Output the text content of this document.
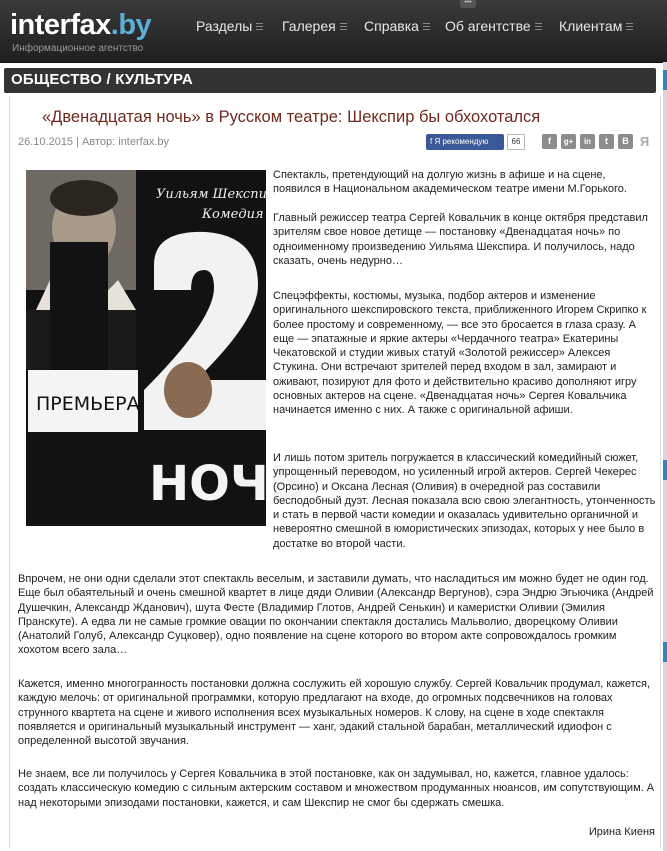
interfax.by
Информационное агентство
•••
Разделы	Галерея	Справка	Об агентстве	Клиентам
ОБЩЕСТВО / КУЛЬТУРА
«Двенадцатая ночь» в Русском театре: Шекспир бы обхохотался
26.10.2015 | Автор: interfax.by	f Я рекомендую	66	f	g+	in	t	В Я
ПРЕМЬЕРА
Уильям Шекспир
Комедия
НОЧЬ
12
Спектакль, претендующий на долгую жизнь в афише и на сцене, появился в Национальном академическом театре имени М.Горького.
Главный режиссер театра Сергей Ковальчик в конце октября представил зрителям свое новое детище — постановку «Двенадцатая ночь» по одноименному произведению Уильяма Шекспира. И получилось, надо сказать, очень недурно…
Спецэффекты, костюмы, музыка, подбор актеров и изменение оригинального шекспировского текста, приближенного Игорем Скрипко к более простому и современному, — все это бросается в глаза сразу. А еще — эпатажные и яркие актеры «Чердачного театра» Екатерины Чекатовской и студии живых статуй «Золотой режиссер» Алексея Стукина. Они встречают зрителей перед входом в зал, замирают и оживают, позируют для фото и действительно красиво дополняют игру основных актеров на сцене. «Двенадцатая ночь» Сергея Ковальчика начинается именно с них. А также с оригинальной афиши.
И лишь потом зритель погружается в классический комедийный сюжет, упрощенный переводом, но усиленный игрой актеров. Сергей Чекерес (Орсино) и Оксана Лесная (Оливия) в очередной раз составили бесподобный дуэт. Лесная показала всю свою элегантность, утонченность и стать в первой части комедии и оказалась удивительно органичной и невероятно смешной в юмористических эпизодах, которых у нее было в достатке во второй части.
Впрочем, не они одни сделали этот спектакль веселым, и заставили думать, что насладиться им можно будет не один год. Еще был обаятельный и очень смешной квартет в лице дяди Оливии (Александр Вергунов), сэра Эндрю Эгьючика (Андрей Душечкин, Александр Жданович), шута Фесте (Владимир Глотов, Андрей Сенькин) и камеристки Оливии (Эмилия Пранскуте). А едва ли не самые громкие овации по окончании спектакля достались Мальволио, дворецкому Оливии (Анатолий Голуб, Александр Суцковер), одно появление на сцене которого во втором акте сопровождалось громким хохотом всего зала…
Кажется, именно многогранность постановки должна сослужить ей хорошую службу. Сергей Ковальчик продумал, кажется, каждую мелочь: от оригинальной программки, которую предлагают на входе, до огромных подсвечников на головах струнного квартета на сцене и живого исполнения всех музыкальных номеров. К слову, на сцене в ходе спектакля появляется и оригинальный музыкальный инструмент — ханг, эдакий стальной барабан, металлический идиофон с определенной высотой звучания.
Не знаем, все ли получилось у Сергея Ковальчика в этой постановке, как он задумывал, но, кажется, главное удалось: создать классическую комедию с сильным актерским составом и множеством продуманных нюансов, им сопутствующим. А над некоторыми эпизодами постановки, кажется, и сам Шекспир не смог бы сдержать смешка.
Ирина Киеня
